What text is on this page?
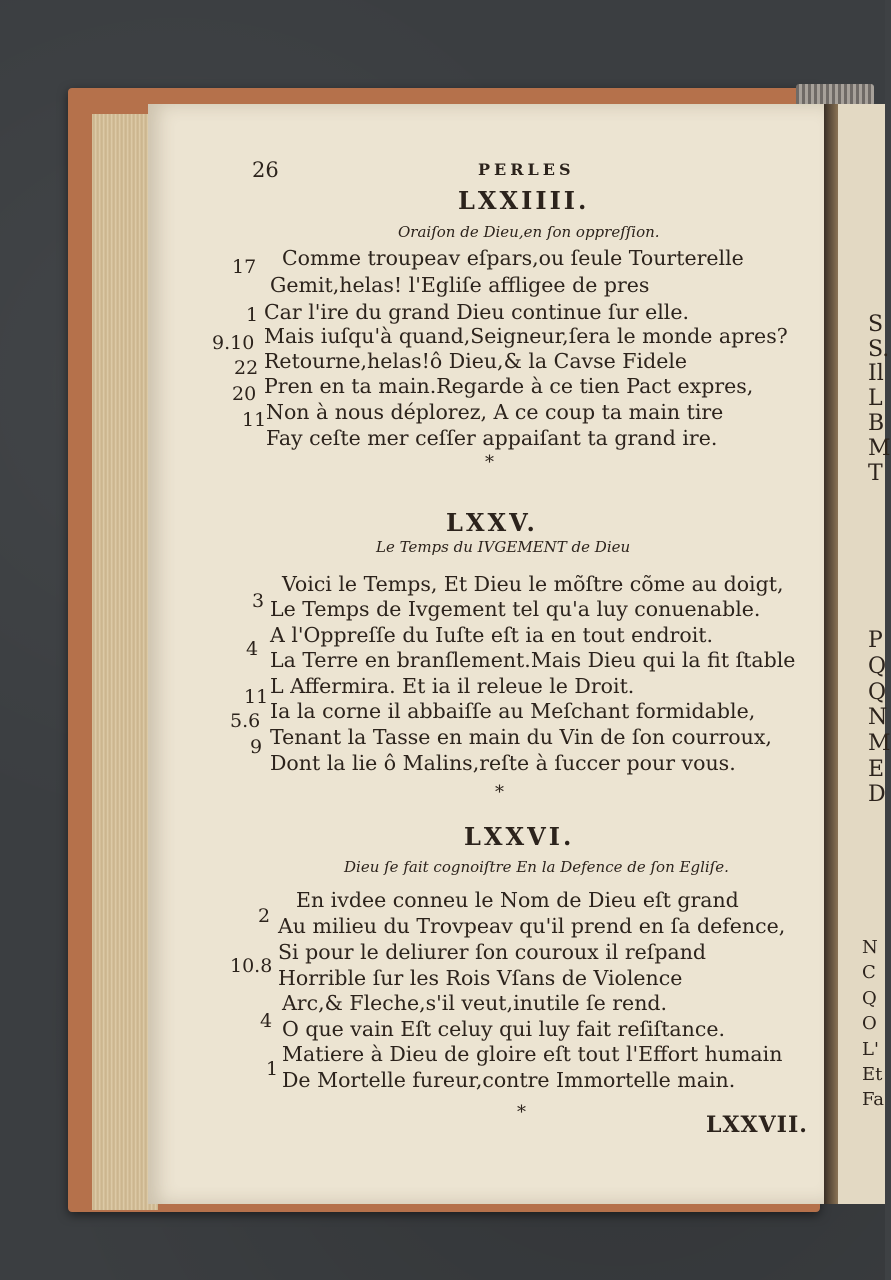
26	PERLES
LXXIIII.
Oraiſon de Dieu,en ſon oppreſſion.
17 Comme troupeav eſpars,ou ſeule Tourterelle
Gemit,helas! l'Egliſe affligee de pres
1 Car l'ire du grand Dieu continue ſur elle.
9.10 Mais iuſqu'à quand,Seigneur,ſera le monde apres?
22 Retourne,helas!ô Dieu,& la Cavse Fidele
20 Pren en ta main.Regarde à ce tien Pact expres,
11 Non à nous déplorez, A ce coup ta main tire
Fay ceſte mer ceſſer appaiſant ta grand ire.
*
LXXV.
Le Temps du IVGEMENT de Dieu
3
Voici le Temps, Et Dieu le mõſtre cõme au doigt,
Le Temps de Ivgement tel qu'a luy conuenable.
4
A l'Oppreſſe du Iuſte eſt ia en tout endroit.
La Terre en branſlement.Mais Dieu qui la fit ſtable
11 L Affermira. Et ia il releue le Droit.
5.6 Ia la corne il abbaiſſe au Meſchant formidable,
9 Tenant la Tasse en main du Vin de ſon courroux,
Dont la lie ô Malins,reſte à ſuccer pour vous.
*
LXXVI.
Dieu ſe fait cognoiſtre En la Defence de ſon Egliſe.
2
En ivdee conneu le Nom de Dieu eſt grand
Au milieu du Trovpeav qu'il prend en ſa defence,
10.8
Si pour le deliurer ſon couroux il reſpand
Horrible ſur les Rois Vſans de Violence
4
Arc,& Fleche,s'il veut,inutile ſe rend.
O que vain Eſt celuy qui luy fait reſiſtance.
1
Matiere à Dieu de gloire eſt tout l'Effort humain
De Mortelle fureur,contre Immortelle main.
*	LXXVII.
S
S.
Il
L
B
M
T
P
Q
Q
N
M
E
D
N
C
Q
O
L'
Et
Fa
